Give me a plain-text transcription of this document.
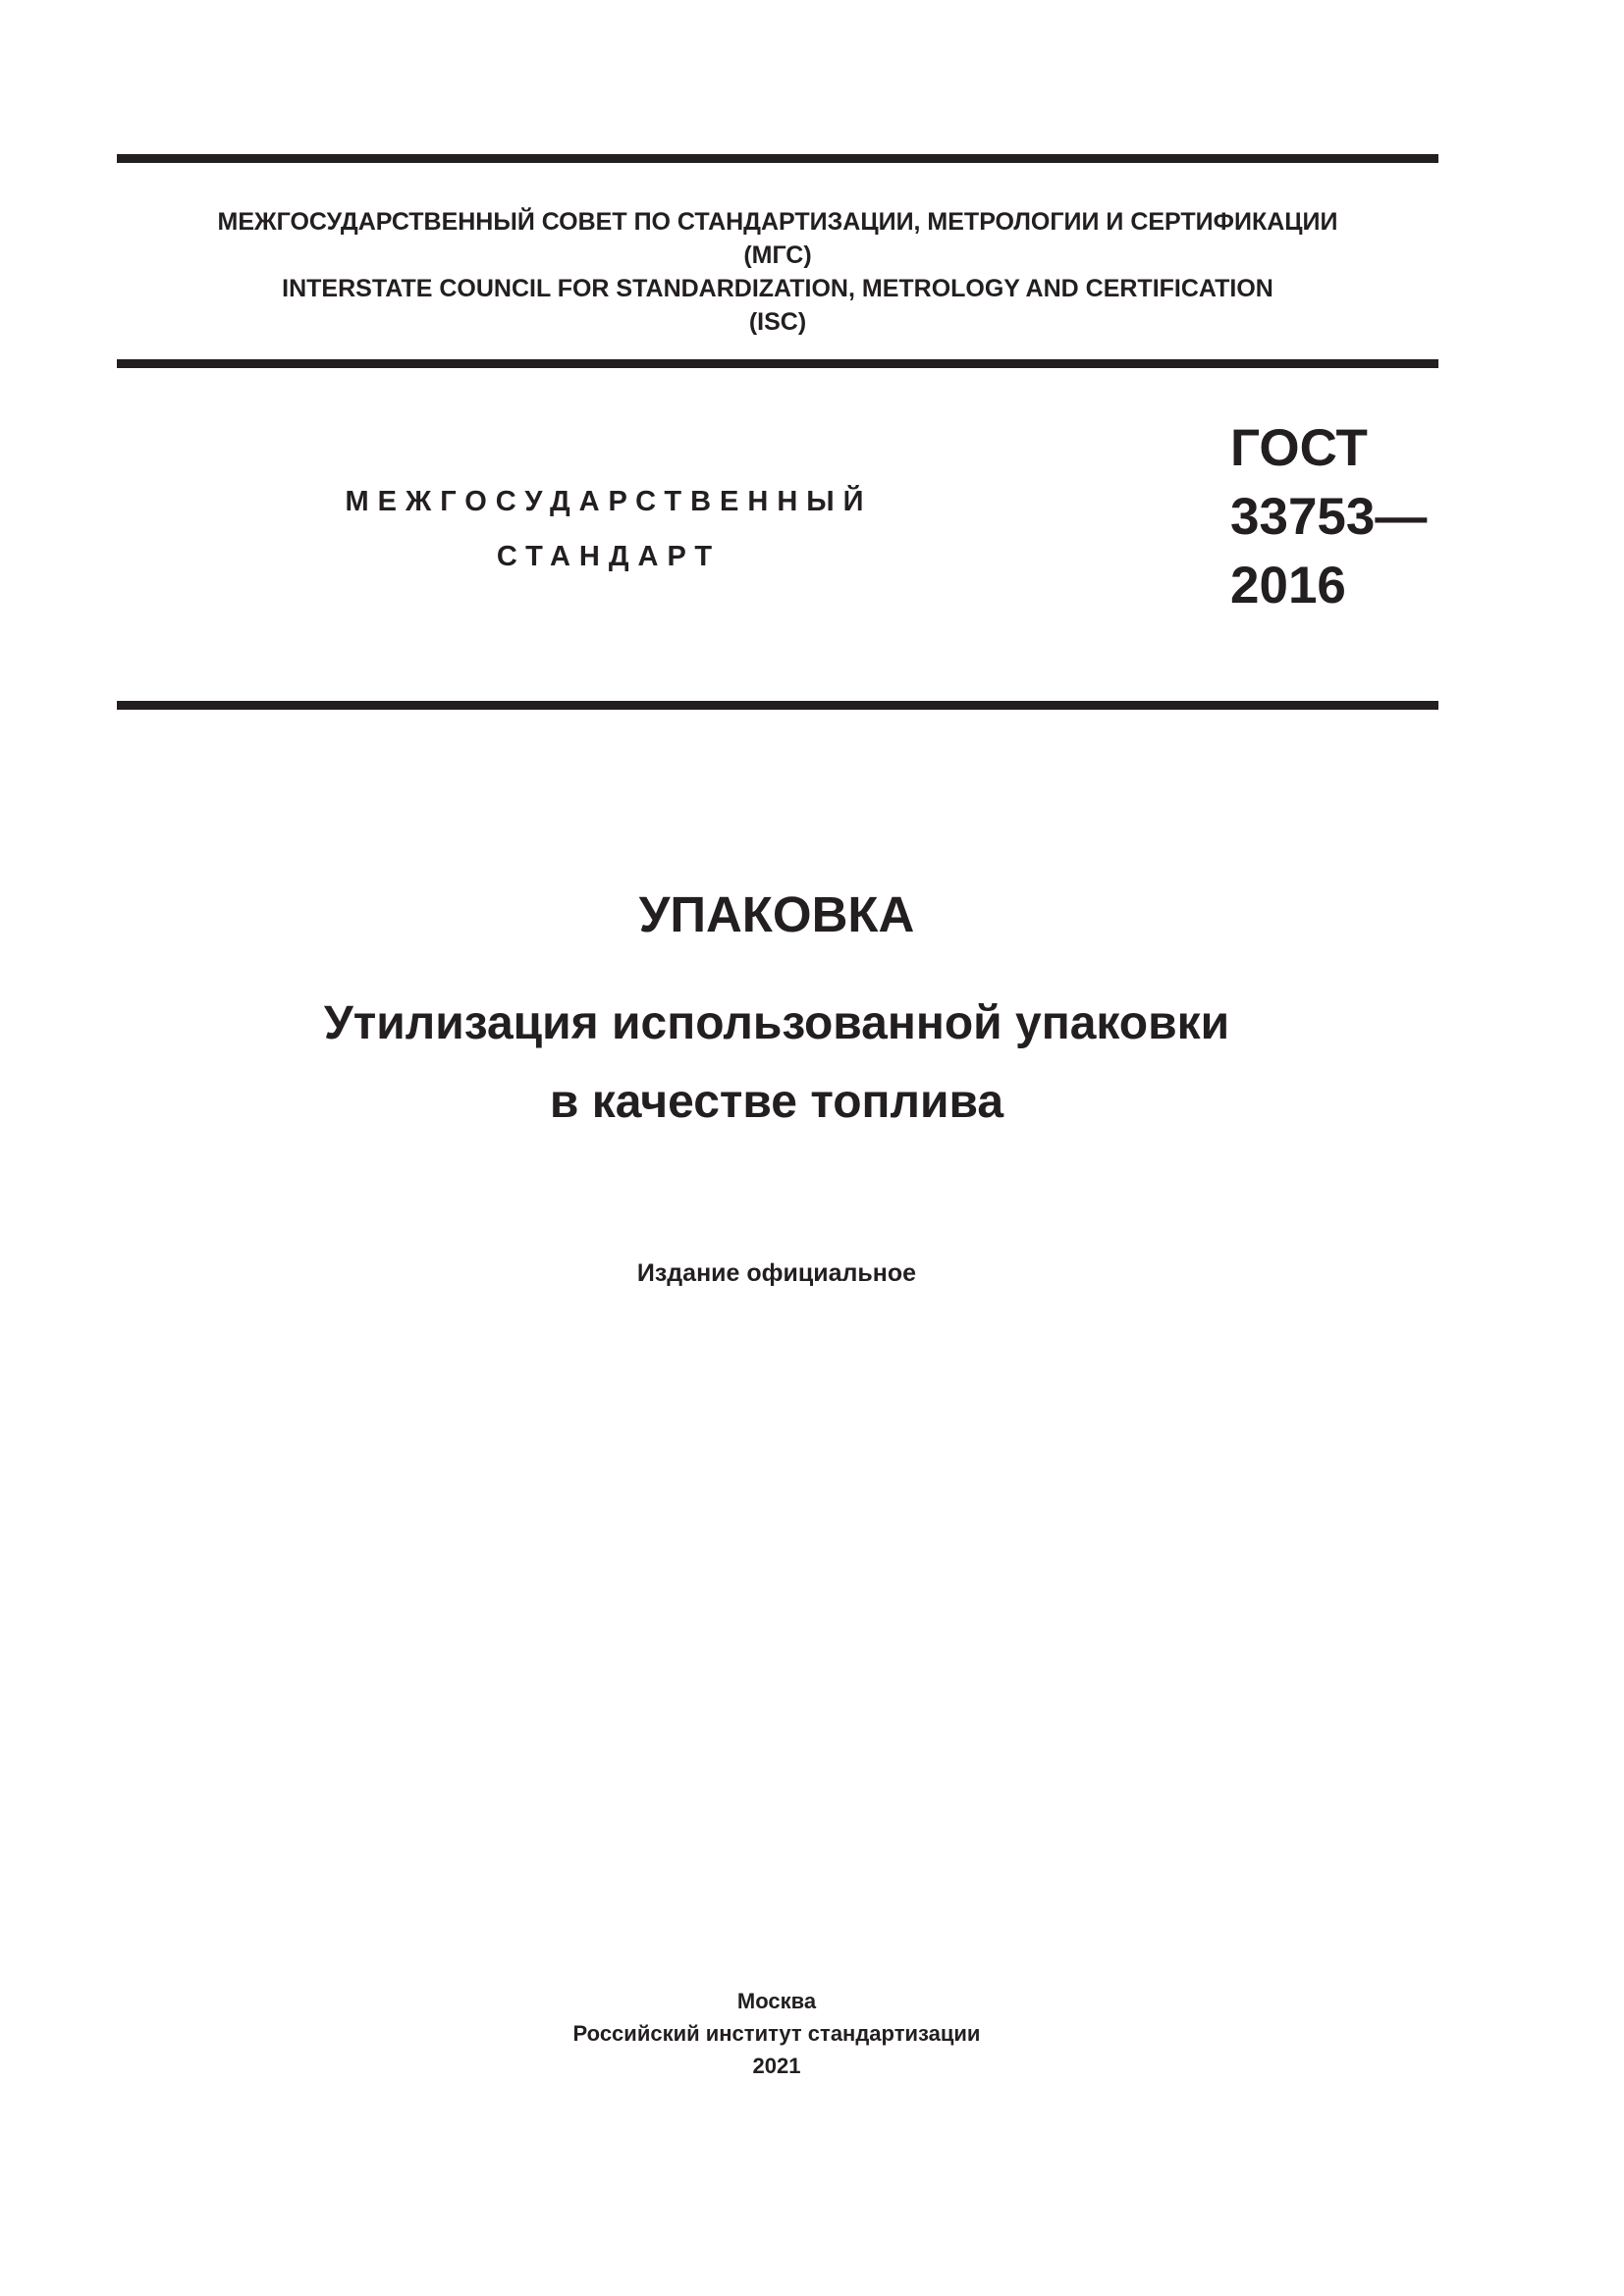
МЕЖГОСУДАРСТВЕННЫЙ СОВЕТ ПО СТАНДАРТИЗАЦИИ, МЕТРОЛОГИИ И СЕРТИФИКАЦИИ
(МГС)
INTERSTATE COUNCIL FOR STANDARDIZATION, METROLOGY AND CERTIFICATION
(ISC)
МЕЖГОСУДАРСТВЕННЫЙ
СТАНДАРТ
ГОСТ
33753—
2016
УПАКОВКА
Утилизация использованной упаковки
в качестве топлива
Издание официальное
Москва
Российский институт стандартизации
2021
